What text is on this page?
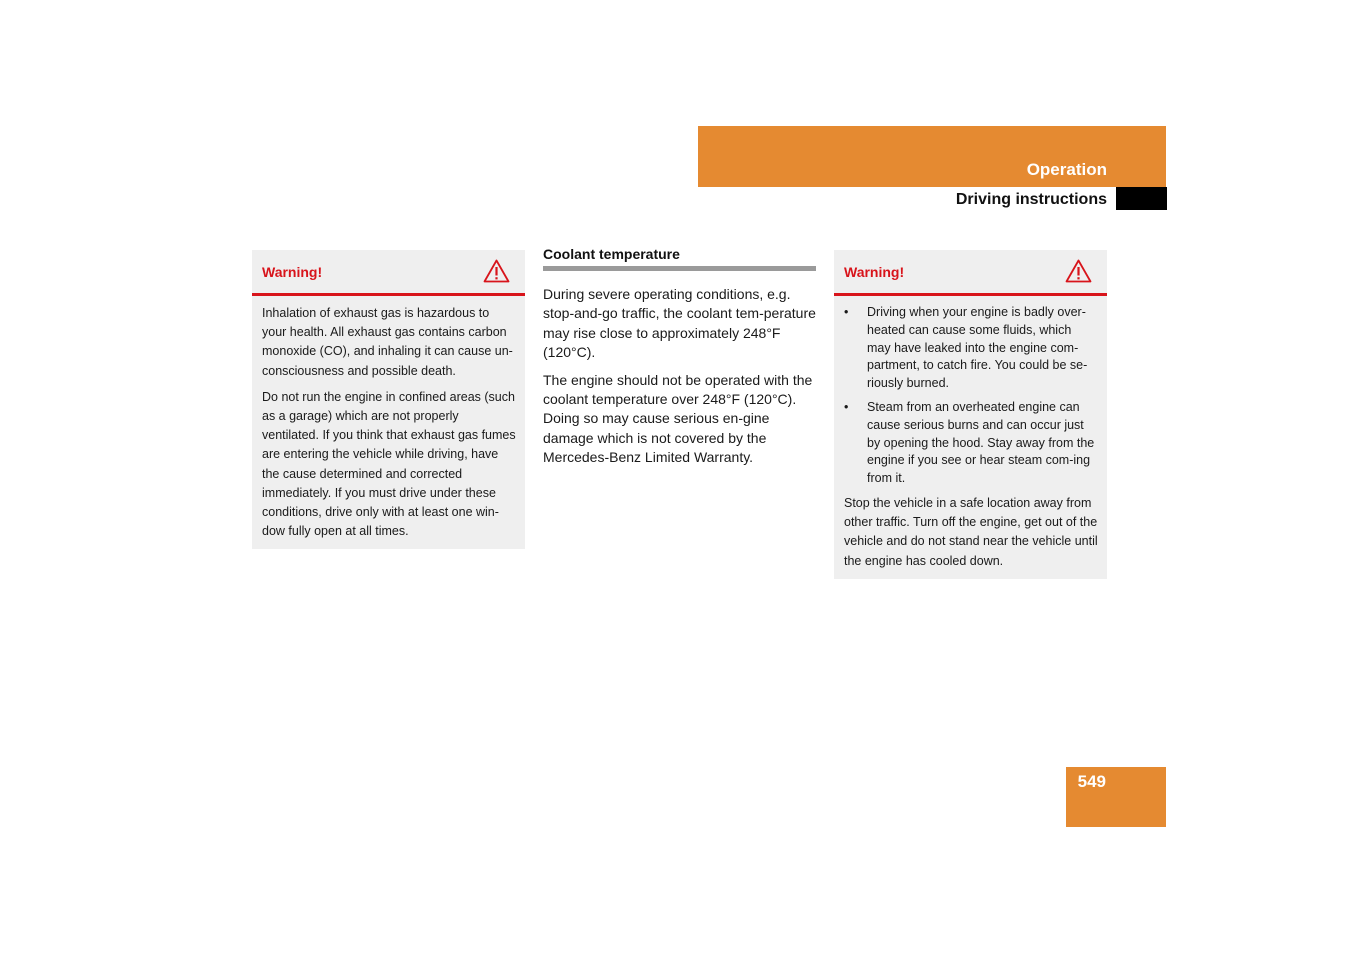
Operation
Driving instructions
Warning!

Inhalation of exhaust gas is hazardous to your health. All exhaust gas contains carbon monoxide (CO), and inhaling it can cause un-consciousness and possible death.

Do not run the engine in confined areas (such as a garage) which are not properly ventilated. If you think that exhaust gas fumes are entering the vehicle while driving, have the cause determined and corrected immediately. If you must drive under these conditions, drive only with at least one win-dow fully open at all times.

Coolant temperature

During severe operating conditions, e.g. stop-and-go traffic, the coolant tem-perature may rise close to approximately 248°F (120°C).

The engine should not be operated with the coolant temperature over 248°F (120°C). Doing so may cause serious en-gine damage which is not covered by the Mercedes-Benz Limited Warranty.

Warning!
•	Driving when your engine is badly over-heated can cause some fluids, which may have leaked into the engine com-partment, to catch fire. You could be se-riously burned.
•	Steam from an overheated engine can cause serious burns and can occur just by opening the hood. Stay away from the engine if you see or hear steam com-ing from it.

Stop the vehicle in a safe location away from other traffic. Turn off the engine, get out of the vehicle and do not stand near the vehicle until the engine has cooled down.

549
